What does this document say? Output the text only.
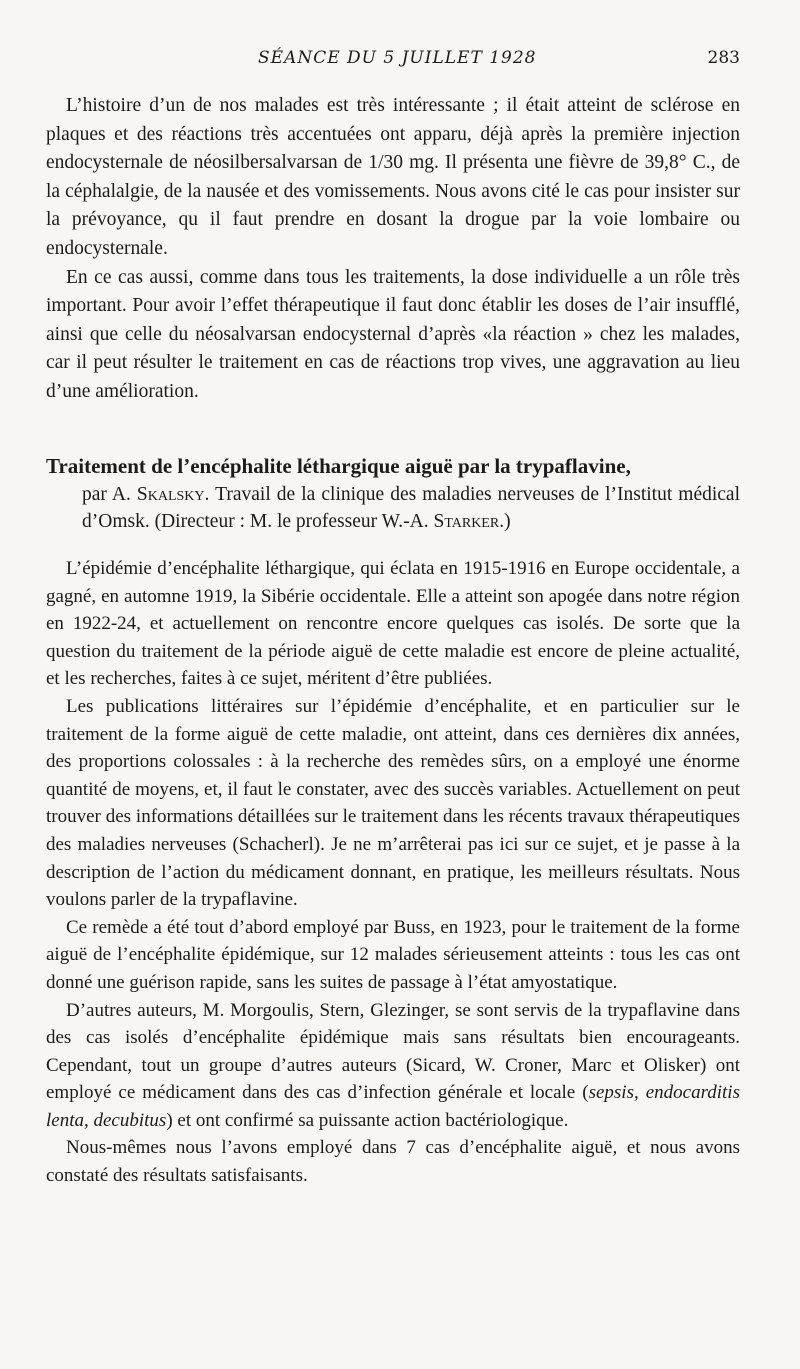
SÉANCE DU 5 JUILLET 1928	283

L’histoire d’un de nos malades est très intéressante ; il était atteint de sclérose en plaques et des réactions très accentuées ont apparu, déjà après la première injection endocysternale de néosilbersalvarsan de 1/30 mg. Il présenta une fièvre de 39,8° C., de la céphalalgie, de la nausée et des vomissements. Nous avons cité le cas pour insister sur la prévoyance, qu il faut prendre en dosant la drogue par la voie lombaire ou endocysternale.

En ce cas aussi, comme dans tous les traitements, la dose individuelle a un rôle très important. Pour avoir l’effet thérapeutique il faut donc établir les doses de l’air insufflé, ainsi que celle du néosalvarsan endocysternal d’après «la réaction » chez les malades, car il peut résulter le traitement en cas de réactions trop vives, une aggravation au lieu d’une amélioration.

Traitement de l’encéphalite léthargique aiguë par la trypaflavine,
par A. Skalsky. Travail de la clinique des maladies nerveuses de l’Institut médical d’Omsk. (Directeur : M. le professeur W.-A. Starker.)

L’épidémie d’encéphalite léthargique, qui éclata en 1915-1916 en Europe occidentale, a gagné, en automne 1919, la Sibérie occidentale. Elle a atteint son apogée dans notre région en 1922-24, et actuellement on rencontre encore quelques cas isolés. De sorte que la question du traitement de la période aiguë de cette maladie est encore de pleine actualité, et les recherches, faites à ce sujet, méritent d’être publiées.

Les publications littéraires sur l’épidémie d’encéphalite, et en particulier sur le traitement de la forme aiguë de cette maladie, ont atteint, dans ces dernières dix années, des proportions colossales : à la recherche des remèdes sûrs, on a employé une énorme quantité de moyens, et, il faut le constater, avec des succès variables. Actuellement on peut trouver des informations détaillées sur le traitement dans les récents travaux thérapeutiques des maladies nerveuses (Schacherl). Je ne m’arrêterai pas ici sur ce sujet, et je passe à la description de l’action du médicament donnant, en pratique, les meilleurs résultats. Nous voulons parler de la trypaflavine.

Ce remède a été tout d’abord employé par Buss, en 1923, pour le traitement de la forme aiguë de l’encéphalite épidémique, sur 12 malades sérieusement atteints : tous les cas ont donné une guérison rapide, sans les suites de passage à l’état amyostatique.

D’autres auteurs, M. Morgoulis, Stern, Glezinger, se sont servis de la trypaflavine dans des cas isolés d’encéphalite épidémique mais sans résultats bien encourageants. Cependant, tout un groupe d’autres auteurs (Sicard, W. Croner, Marc et Olisker) ont employé ce médicament dans des cas d’infection générale et locale (sepsis, endocarditis lenta, decubitus) et ont confirmé sa puissante action bactériologique.

Nous-mêmes nous l’avons employé dans 7 cas d’encéphalite aiguë, et nous avons constaté des résultats satisfaisants.
